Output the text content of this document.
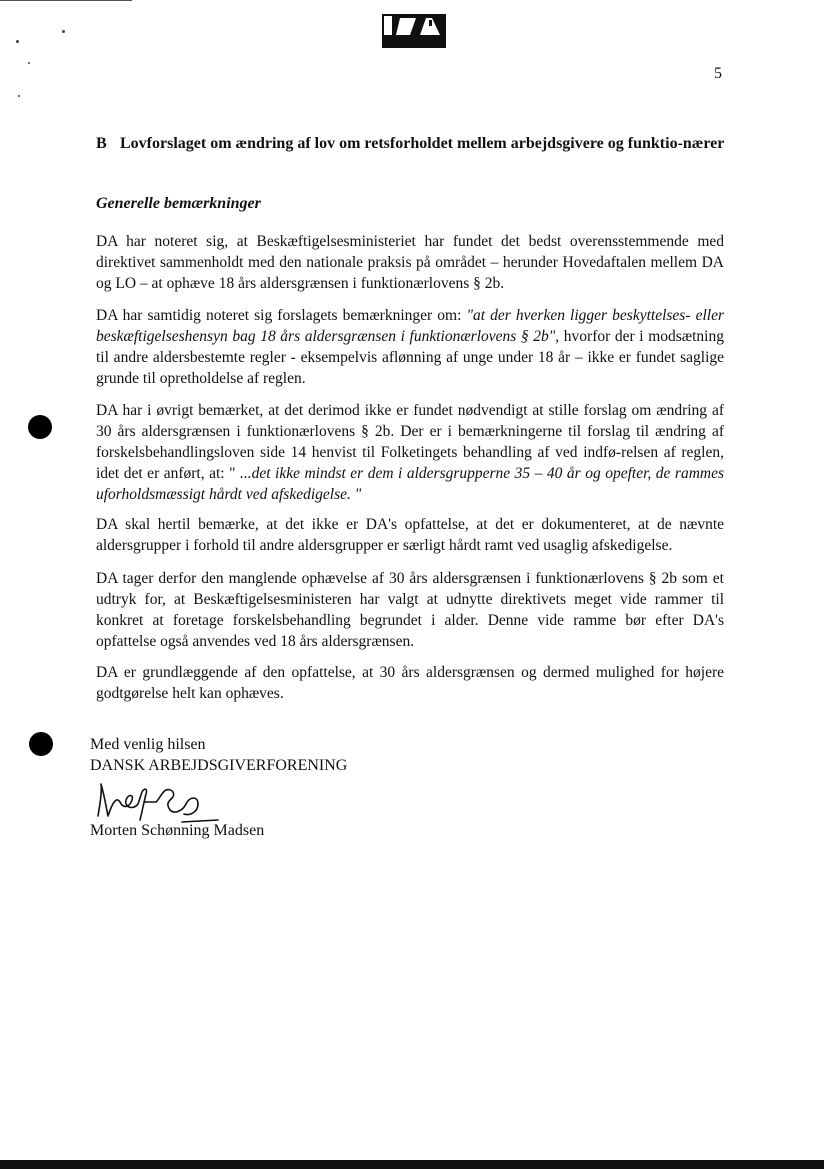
5
B Lovforslaget om ændring af lov om retsforholdet mellem arbejdsgivere og funktio-nærer
Generelle bemærkninger

DA har noteret sig, at Beskæftigelsesministeriet har fundet det bedst overensstemmende med direktivet sammenholdt med den nationale praksis på området – herunder Hovedaftalen mellem DA og LO – at ophæve 18 års aldersgrænsen i funktionærlovens § 2b.

DA har samtidig noteret sig forslagets bemærkninger om: "at der hverken ligger beskyttelses- eller beskæftigelseshensyn bag 18 års aldersgrænsen i funktionærlovens § 2b", hvorfor der i modsætning til andre aldersbestemte regler - eksempelvis aflønning af unge under 18 år – ikke er fundet saglige grunde til opretholdelse af reglen.

DA har i øvrigt bemærket, at det derimod ikke er fundet nødvendigt at stille forslag om ændring af 30 års aldersgrænsen i funktionærlovens § 2b. Der er i bemærkningerne til forslag til ændring af forskelsbehandlingsloven side 14 henvist til Folketingets behandling af ved indfø-relsen af reglen, idet det er anført, at: " ...det ikke mindst er dem i aldersgrupperne 35 – 40 år og opefter, de rammes uforholdsmæssigt hårdt ved afskedigelse. "

DA skal hertil bemærke, at det ikke er DA's opfattelse, at det er dokumenteret, at de nævnte aldersgrupper i forhold til andre aldersgrupper er særligt hårdt ramt ved usaglig afskedigelse.

DA tager derfor den manglende ophævelse af 30 års aldersgrænsen i funktionærlovens § 2b som et udtryk for, at Beskæftigelsesministeren har valgt at udnytte direktivets meget vide rammer til konkret at foretage forskelsbehandling begrundet i alder. Denne vide ramme bør efter DA's opfattelse også anvendes ved 18 års aldersgrænsen.

DA er grundlæggende af den opfattelse, at 30 års aldersgrænsen og dermed mulighed for højere godtgørelse helt kan ophæves.

Med venlig hilsen
DANSK ARBEJDSGIVERFORENING
Morten Schønning Madsen
